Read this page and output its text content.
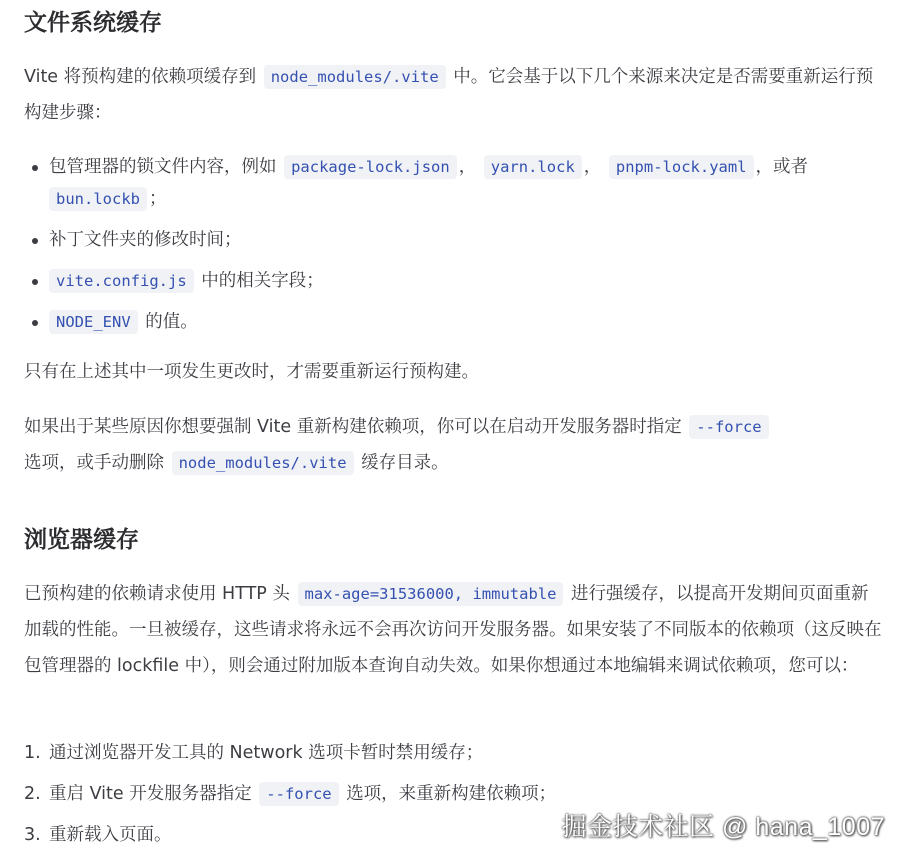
文件系统缓存

Vite 将预构建的依赖项缓存到 node_modules/.vite 中。它会基于以下几个来源来决定是否需要重新运行预构建步骤：

包管理器的锁文件内容，例如 package-lock.json ， yarn.lock ， pnpm-lock.yaml ，或者
bun.lockb ；
补丁文件夹的修改时间；
vite.config.js 中的相关字段；
NODE_ENV 的值。

只有在上述其中一项发生更改时，才需要重新运行预构建。

如果出于某些原因你想要强制 Vite 重新构建依赖项，你可以在启动开发服务器时指定 --force
选项，或手动删除 node_modules/.vite 缓存目录。

浏览器缓存

已预构建的依赖请求使用 HTTP 头 max-age=31536000, immutable 进行强缓存，以提高开发期间页面重新加载的性能。一旦被缓存，这些请求将永远不会再次访问开发服务器。如果安装了不同版本的依赖项（这反映在包管理器的 lockfile 中），则会通过附加版本查询自动失效。如果你想通过本地编辑来调试依赖项，您可以：

1. 通过浏览器开发工具的 Network 选项卡暂时禁用缓存；
2. 重启 Vite 开发服务器指定 --force 选项，来重新构建依赖项；
3. 重新载入页面。	掘金技术社区 @ hana_1007
